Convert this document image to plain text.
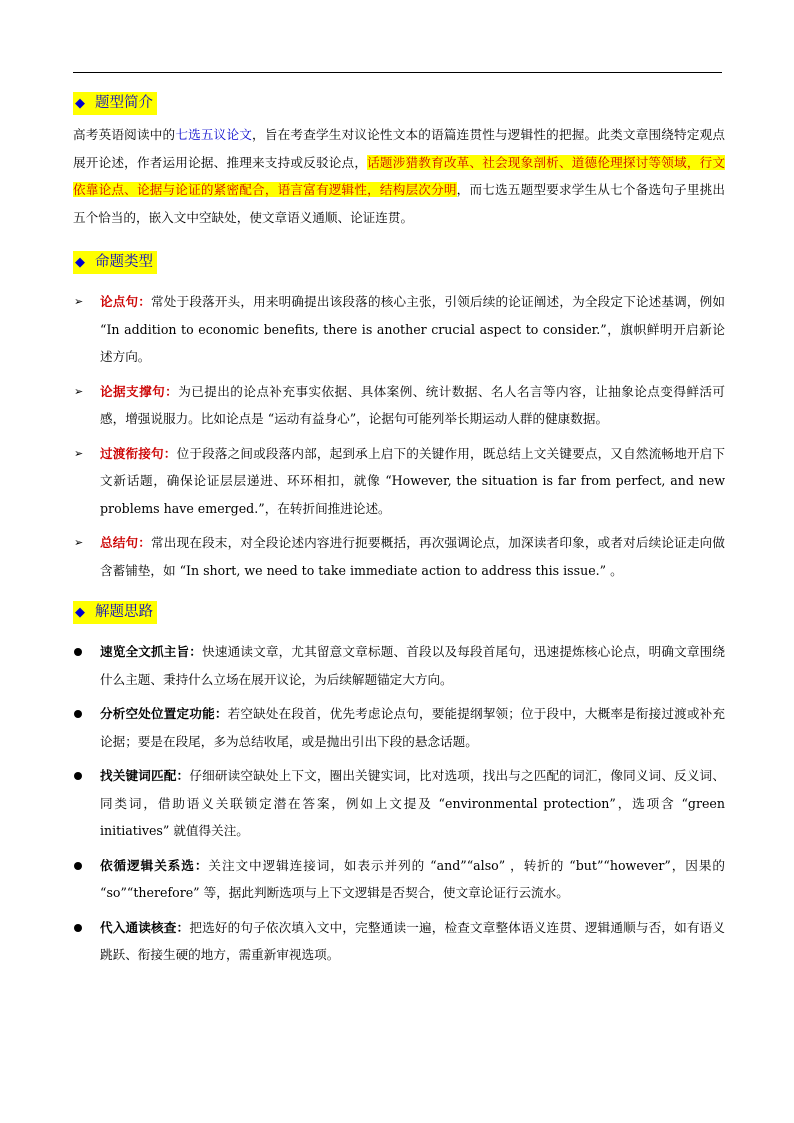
◆ 题型简介

高考英语阅读中的七选五议论文，旨在考查学生对议论性文本的语篇连贯性与逻辑性的把握。此类文章围绕特定观点展开论述，作者运用论据、推理来支持或反驳论点，话题涉猎教育改革、社会现象剖析、道德伦理探讨等领域，行文依靠论点、论据与论证的紧密配合，语言富有逻辑性，结构层次分明，而七选五题型要求学生从七个备选句子里挑出五个恰当的，嵌入文中空缺处，使文章语义通顺、论证连贯。

◆ 命题类型
➢ 论点句：常处于段落开头，用来明确提出该段落的核心主张，引领后续的论证阐述，为全段定下论述基调，例如 “In addition to economic benefits, there is another crucial aspect to consider.”，旗帜鲜明开启新论述方向。
➢ 论据支撑句：为已提出的论点补充事实依据、具体案例、统计数据、名人名言等内容，让抽象论点变得鲜活可感，增强说服力。比如论点是 “运动有益身心”，论据句可能列举长期运动人群的健康数据。
➢ 过渡衔接句：位于段落之间或段落内部，起到承上启下的关键作用，既总结上文关键要点，又自然流畅地开启下文新话题，确保论证层层递进、环环相扣，就像 “However, the situation is far from perfect, and new problems have emerged.”，在转折间推进论述。
➢ 总结句：常出现在段末，对全段论述内容进行扼要概括，再次强调论点，加深读者印象，或者对后续论证走向做含蓄铺垫，如 “In short, we need to take immediate action to address this issue.” 。
◆ 解题思路
速览全文抓主旨：快速通读文章，尤其留意文章标题、首段以及每段首尾句，迅速提炼核心论点，明确文章围绕什么主题、秉持什么立场在展开议论，为后续解题锚定大方向。
分析空处位置定功能：若空缺处在段首，优先考虑论点句，要能提纲挈领；位于段中，大概率是衔接过渡或补充论据；要是在段尾，多为总结收尾，或是抛出引出下段的悬念话题。
找关键词匹配：仔细研读空缺处上下文，圈出关键实词，比对选项，找出与之匹配的词汇，像同义词、反义词、同类词，借助语义关联锁定潜在答案，例如上文提及 “environmental protection”，选项含 “green initiatives” 就值得关注。
依循逻辑关系选：关注文中逻辑连接词，如表示并列的 “and”“also” ，转折的 “but”“however”，因果的 “so”“therefore” 等，据此判断选项与上下文逻辑是否契合，使文章论证行云流水。
代入通读核查：把选好的句子依次填入文中，完整通读一遍，检查文章整体语义连贯、逻辑通顺与否，如有语义跳跃、衔接生硬的地方，需重新审视选项。
